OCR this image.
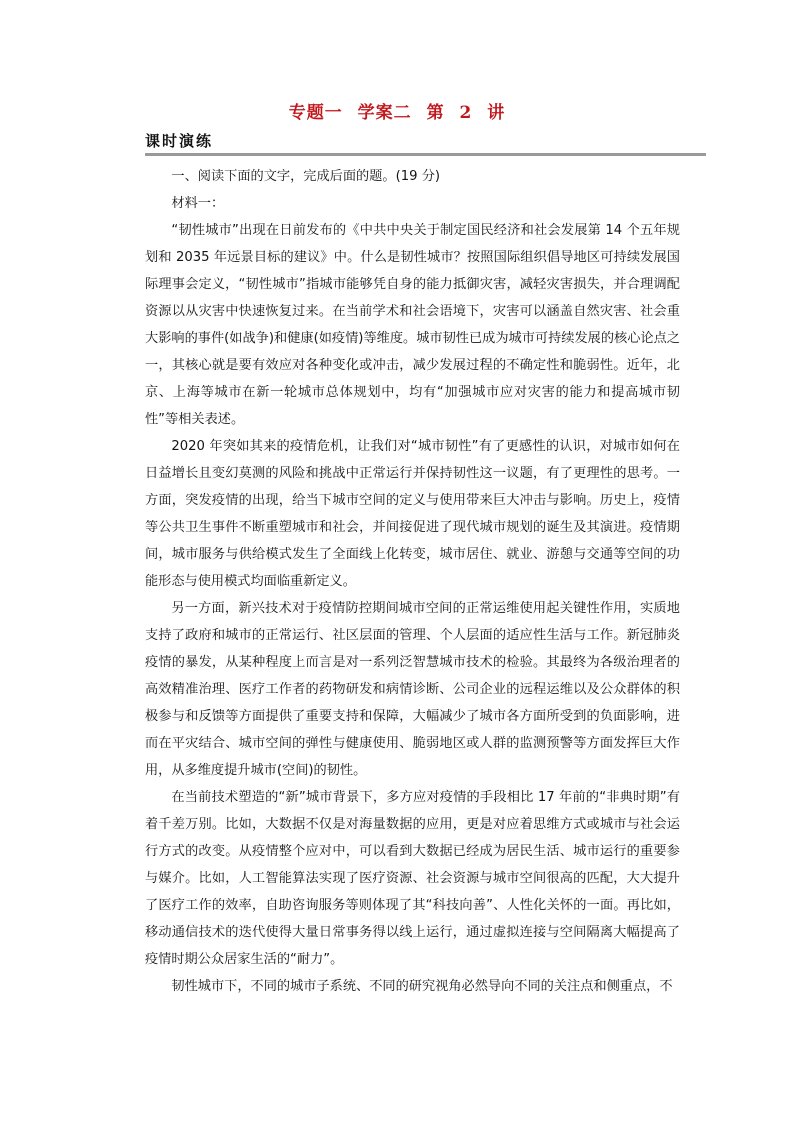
专题一 学案二 第 2 讲
课时演练

一、阅读下面的文字，完成后面的题。(19 分)

材料一：

“韧性城市”出现在日前发布的《中共中央关于制定国民经济和社会发展第 14 个五年规划和 2035 年远景目标的建议》中。什么是韧性城市？按照国际组织倡导地区可持续发展国际理事会定义，“韧性城市”指城市能够凭自身的能力抵御灾害，减轻灾害损失，并合理调配资源以从灾害中快速恢复过来。在当前学术和社会语境下，灾害可以涵盖自然灾害、社会重大影响的事件(如战争)和健康(如疫情)等维度。城市韧性已成为城市可持续发展的核心论点之一，其核心就是要有效应对各种变化或冲击，减少发展过程的不确定性和脆弱性。近年，北京、上海等城市在新一轮城市总体规划中，均有“加强城市应对灾害的能力和提高城市韧性”等相关表述。

2020 年突如其来的疫情危机，让我们对“城市韧性”有了更感性的认识，对城市如何在日益增长且变幻莫测的风险和挑战中正常运行并保持韧性这一议题，有了更理性的思考。一方面，突发疫情的出现，给当下城市空间的定义与使用带来巨大冲击与影响。历史上，疫情等公共卫生事件不断重塑城市和社会，并间接促进了现代城市规划的诞生及其演进。疫情期间，城市服务与供给模式发生了全面线上化转变，城市居住、就业、游憩与交通等空间的功能形态与使用模式均面临重新定义。

另一方面，新兴技术对于疫情防控期间城市空间的正常运维使用起关键性作用，实质地支持了政府和城市的正常运行、社区层面的管理、个人层面的适应性生活与工作。新冠肺炎疫情的暴发，从某种程度上而言是对一系列泛智慧城市技术的检验。其最终为各级治理者的高效精准治理、医疗工作者的药物研发和病情诊断、公司企业的远程运维以及公众群体的积极参与和反馈等方面提供了重要支持和保障，大幅减少了城市各方面所受到的负面影响，进而在平灾结合、城市空间的弹性与健康使用、脆弱地区或人群的监测预警等方面发挥巨大作用，从多维度提升城市(空间)的韧性。

在当前技术塑造的“新”城市背景下，多方应对疫情的手段相比 17 年前的“非典时期”有着千差万别。比如，大数据不仅是对海量数据的应用，更是对应着思维方式或城市与社会运行方式的改变。从疫情整个应对中，可以看到大数据已经成为居民生活、城市运行的重要参与媒介。比如，人工智能算法实现了医疗资源、社会资源与城市空间很高的匹配，大大提升了医疗工作的效率，自助咨询服务等则体现了其“科技向善”、人性化关怀的一面。再比如，移动通信技术的迭代使得大量日常事务得以线上运行，通过虚拟连接与空间隔离大幅提高了疫情时期公众居家生活的“耐力”。

韧性城市下，不同的城市子系统、不同的研究视角必然导向不同的关注点和侧重点，不
